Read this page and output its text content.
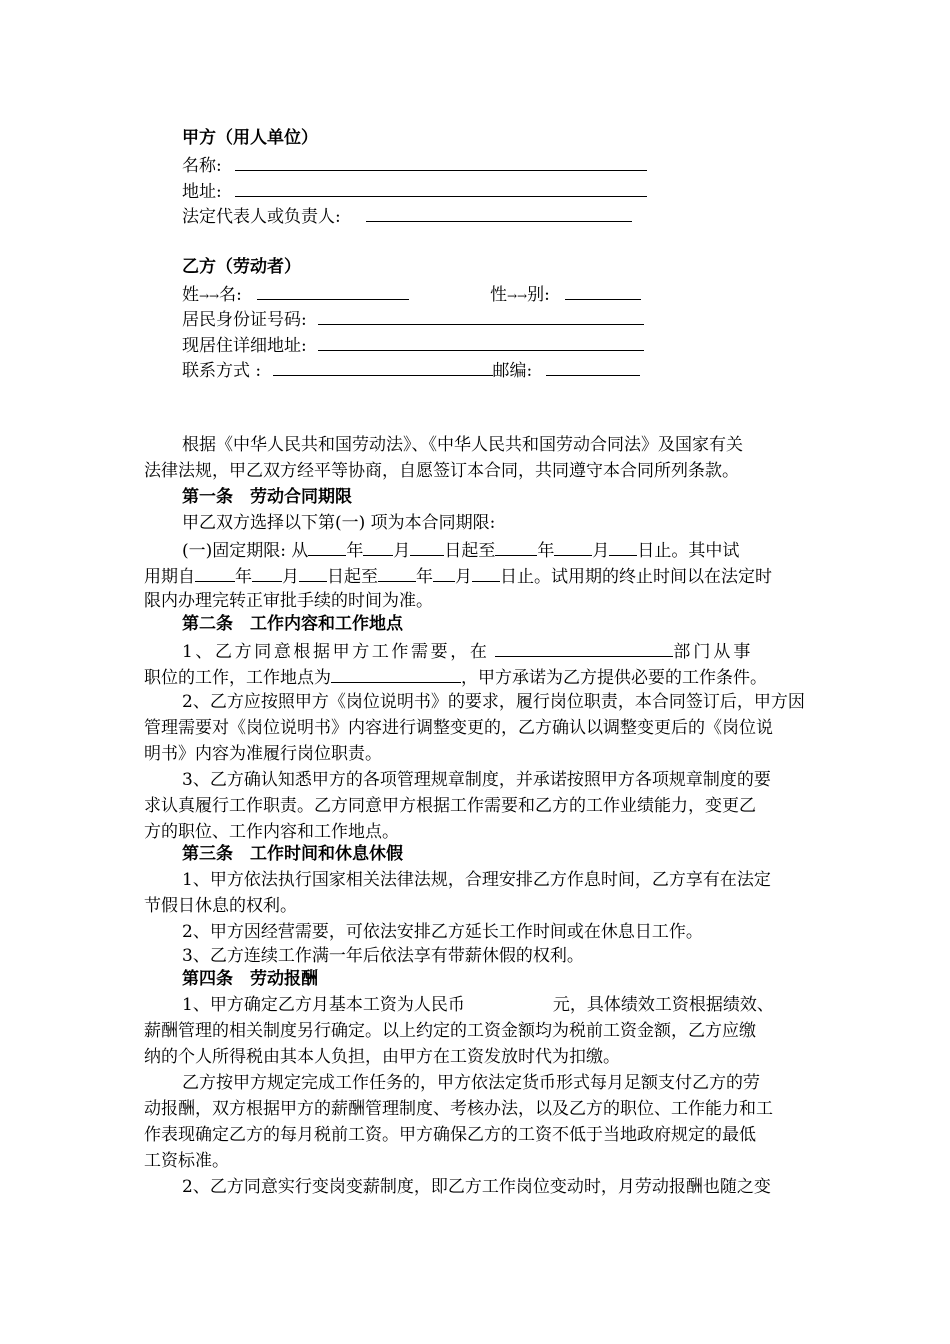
甲方（用人单位）
名称:
地址:
法定代表人或负责人:
乙方（劳动者）
姓→→名:	性→→别:
居民身份证号码:
现居住详细地址:
联系方式 :	邮编:
根据《中华人民共和国劳动法》、《中华人民共和国劳动合同法》及国家有关
法律法规，甲乙双方经平等协商，自愿签订本合同，共同遵守本合同所列条款。
第一条　劳动合同期限
甲乙双方选择以下第(一) 项为本合同期限:
(一)固定期限: 从 年 月 日起至 年 月 日止。其中试
用期自 年 月 日起至 年 月 日止。试用期的终止时间以在法定时
限内办理完转正审批手续的时间为准。
第二条　工作内容和工作地点
1、乙方同意根据甲方工作需要，在	部门从事
职位的工作，工作地点为	，甲方承诺为乙方提供必要的工作条件。
2、乙方应按照甲方《岗位说明书》的要求，履行岗位职责，本合同签订后，甲方因
管理需要对《岗位说明书》内容进行调整变更的，乙方确认以调整变更后的《岗位说
明书》内容为准履行岗位职责。
3、乙方确认知悉甲方的各项管理规章制度，并承诺按照甲方各项规章制度的要
求认真履行工作职责。乙方同意甲方根据工作需要和乙方的工作业绩能力，变更乙
方的职位、工作内容和工作地点。
第三条　工作时间和休息休假
1、甲方依法执行国家相关法律法规，合理安排乙方作息时间，乙方享有在法定
节假日休息的权利。
2、甲方因经营需要，可依法安排乙方延长工作时间或在休息日工作。
3、乙方连续工作满一年后依法享有带薪休假的权利。
第四条　劳动报酬
1、甲方确定乙方月基本工资为人民币	元，具体绩效工资根据绩效、
薪酬管理的相关制度另行确定。以上约定的工资金额均为税前工资金额，乙方应缴
纳的个人所得税由其本人负担，由甲方在工资发放时代为扣缴。
乙方按甲方规定完成工作任务的，甲方依法定货币形式每月足额支付乙方的劳
动报酬，双方根据甲方的薪酬管理制度、考核办法，以及乙方的职位、工作能力和工
作表现确定乙方的每月税前工资。甲方确保乙方的工资不低于当地政府规定的最低
工资标准。
2、乙方同意实行变岗变薪制度，即乙方工作岗位变动时，月劳动报酬也随之变
